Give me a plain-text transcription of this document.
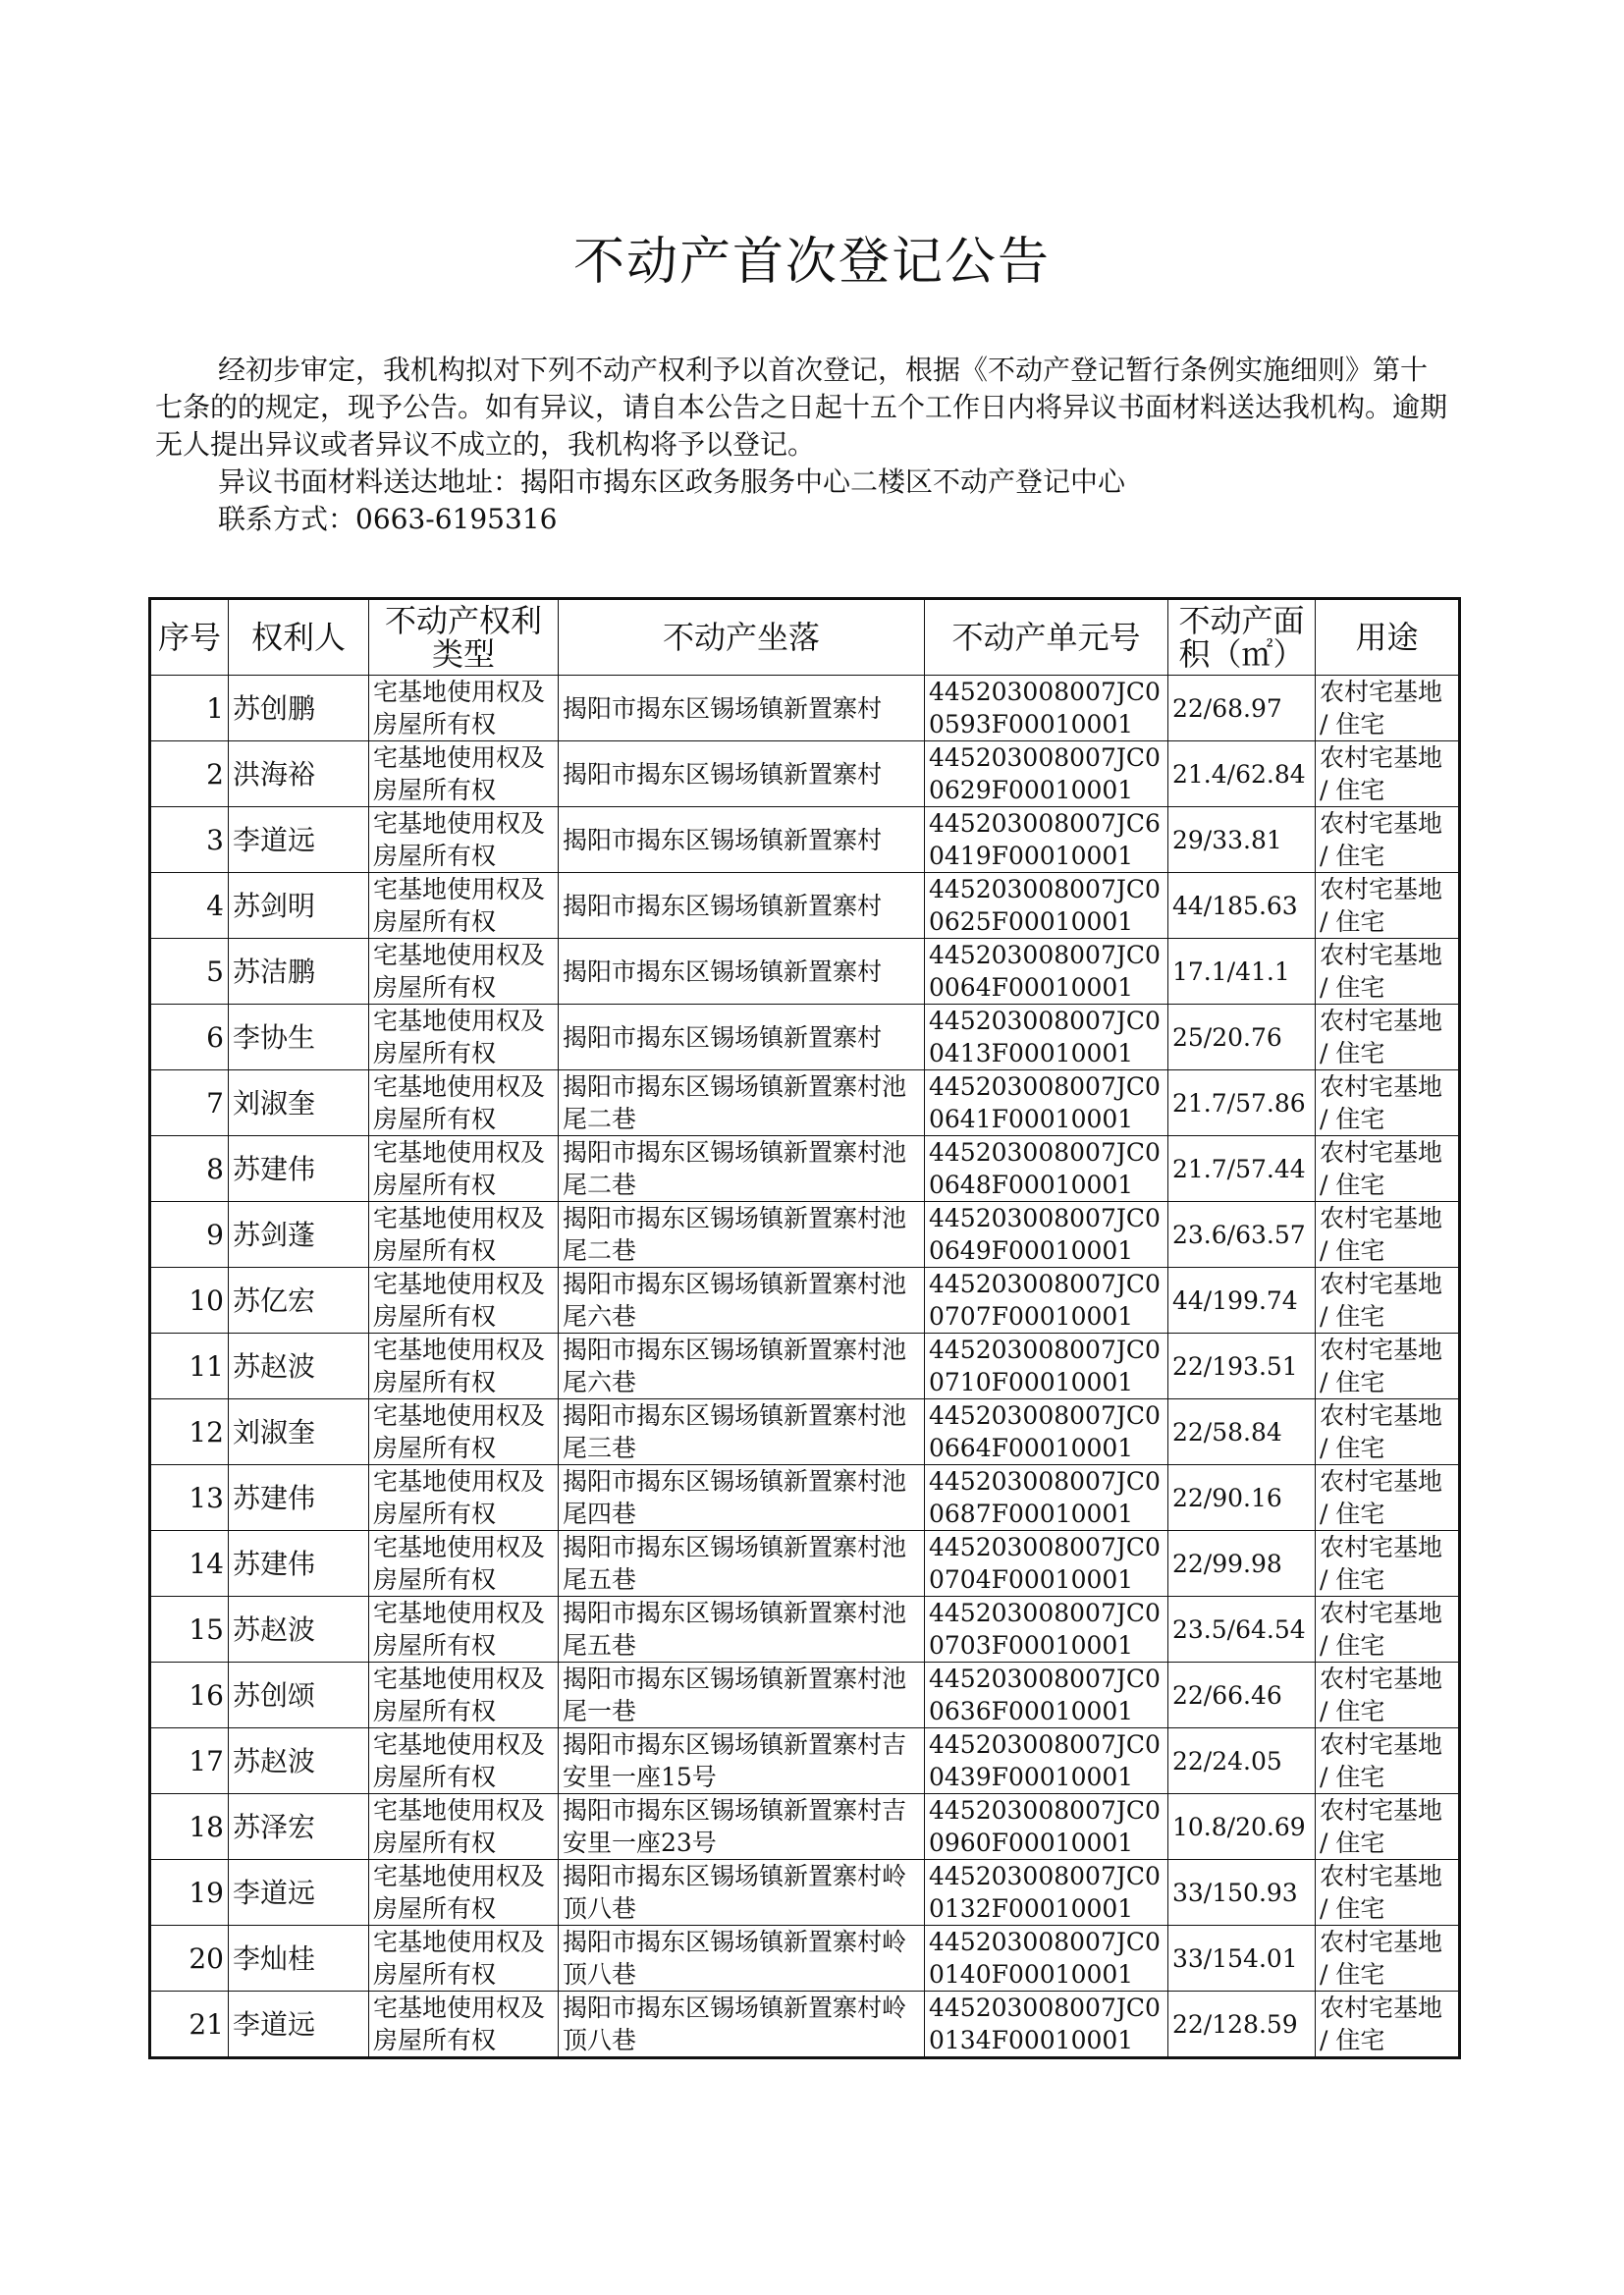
不动产首次登记公告

经初步审定，我机构拟对下列不动产权利予以首次登记，根据《不动产登记暂行条例实施细则》第十七条的的规定，现予公告。如有异议，请自本公告之日起十五个工作日内将异议书面材料送达我机构。逾期无人提出异议或者异议不成立的，我机构将予以登记。

异议书面材料送达地址：揭阳市揭东区政务服务中心二楼区不动产登记中心

联系方式：0663-6195316

序号	权利人	不动产权利类型	不动产坐落	不动产单元号	不动产面积（㎡）	用途
1	苏创鹏	宅基地使用权及房屋所有权	揭阳市揭东区锡场镇新置寨村	445203008007JC00593F00010001	22/68.97	农村宅基地 / 住宅
2	洪海裕	宅基地使用权及房屋所有权	揭阳市揭东区锡场镇新置寨村	445203008007JC00629F00010001	21.4/62.84	农村宅基地 / 住宅
3	李道远	宅基地使用权及房屋所有权	揭阳市揭东区锡场镇新置寨村	445203008007JC60419F00010001	29/33.81	农村宅基地 / 住宅
4	苏剑明	宅基地使用权及房屋所有权	揭阳市揭东区锡场镇新置寨村	445203008007JC00625F00010001	44/185.63	农村宅基地 / 住宅
5	苏洁鹏	宅基地使用权及房屋所有权	揭阳市揭东区锡场镇新置寨村	445203008007JC00064F00010001	17.1/41.1	农村宅基地 / 住宅
6	李协生	宅基地使用权及房屋所有权	揭阳市揭东区锡场镇新置寨村	445203008007JC00413F00010001	25/20.76	农村宅基地 / 住宅
7	刘淑奎	宅基地使用权及房屋所有权	揭阳市揭东区锡场镇新置寨村池尾二巷	445203008007JC00641F00010001	21.7/57.86	农村宅基地 / 住宅
8	苏建伟	宅基地使用权及房屋所有权	揭阳市揭东区锡场镇新置寨村池尾二巷	445203008007JC00648F00010001	21.7/57.44	农村宅基地 / 住宅
9	苏剑蓬	宅基地使用权及房屋所有权	揭阳市揭东区锡场镇新置寨村池尾二巷	445203008007JC00649F00010001	23.6/63.57	农村宅基地 / 住宅
10	苏亿宏	宅基地使用权及房屋所有权	揭阳市揭东区锡场镇新置寨村池尾六巷	445203008007JC00707F00010001	44/199.74	农村宅基地 / 住宅
11	苏赵波	宅基地使用权及房屋所有权	揭阳市揭东区锡场镇新置寨村池尾六巷	445203008007JC00710F00010001	22/193.51	农村宅基地 / 住宅
12	刘淑奎	宅基地使用权及房屋所有权	揭阳市揭东区锡场镇新置寨村池尾三巷	445203008007JC00664F00010001	22/58.84	农村宅基地 / 住宅
13	苏建伟	宅基地使用权及房屋所有权	揭阳市揭东区锡场镇新置寨村池尾四巷	445203008007JC00687F00010001	22/90.16	农村宅基地 / 住宅
14	苏建伟	宅基地使用权及房屋所有权	揭阳市揭东区锡场镇新置寨村池尾五巷	445203008007JC00704F00010001	22/99.98	农村宅基地 / 住宅
15	苏赵波	宅基地使用权及房屋所有权	揭阳市揭东区锡场镇新置寨村池尾五巷	445203008007JC00703F00010001	23.5/64.54	农村宅基地 / 住宅
16	苏创颂	宅基地使用权及房屋所有权	揭阳市揭东区锡场镇新置寨村池尾一巷	445203008007JC00636F00010001	22/66.46	农村宅基地 / 住宅
17	苏赵波	宅基地使用权及房屋所有权	揭阳市揭东区锡场镇新置寨村吉安里一座15号	445203008007JC00439F00010001	22/24.05	农村宅基地 / 住宅
18	苏泽宏	宅基地使用权及房屋所有权	揭阳市揭东区锡场镇新置寨村吉安里一座23号	445203008007JC00960F00010001	10.8/20.69	农村宅基地 / 住宅
19	李道远	宅基地使用权及房屋所有权	揭阳市揭东区锡场镇新置寨村岭顶八巷	445203008007JC00132F00010001	33/150.93	农村宅基地 / 住宅
20	李灿桂	宅基地使用权及房屋所有权	揭阳市揭东区锡场镇新置寨村岭顶八巷	445203008007JC00140F00010001	33/154.01	农村宅基地 / 住宅
21	李道远	宅基地使用权及房屋所有权	揭阳市揭东区锡场镇新置寨村岭顶八巷	445203008007JC00134F00010001	22/128.59	农村宅基地 / 住宅
